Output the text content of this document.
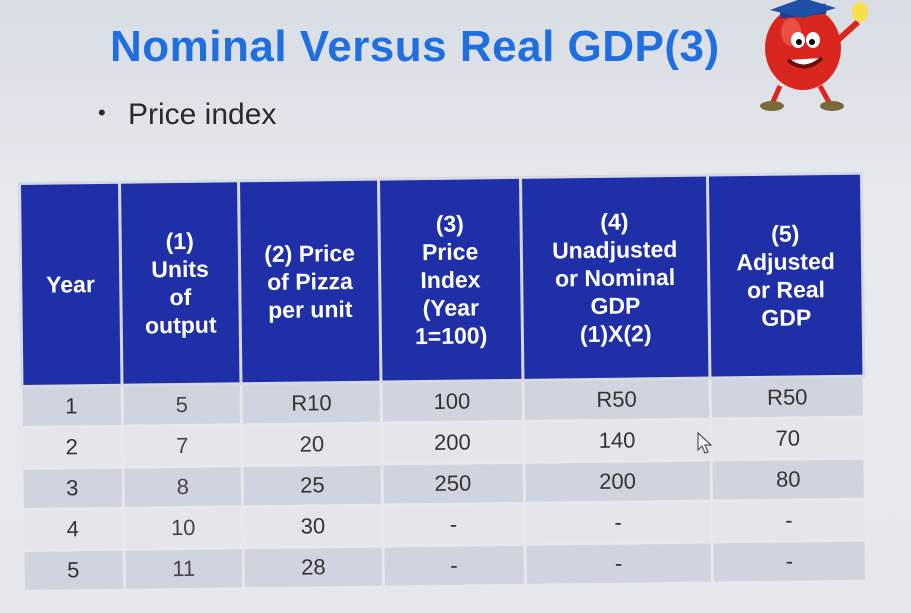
Nominal Versus Real GDP(3)
• Price index
Year	(1)
Units
of
output	(2) Price
of Pizza
per unit	(3)
Price
Index
(Year
1=100)	(4)
Unadjusted
or Nominal
GDP
(1)X(2)	(5)
Adjusted
or Real
GDP
1	5	R10	100	R50	R50
2	7	20	200	140	70
3	8	25	250	200	80
4	10	30	-	-	-
5	11	28	-	-	-
